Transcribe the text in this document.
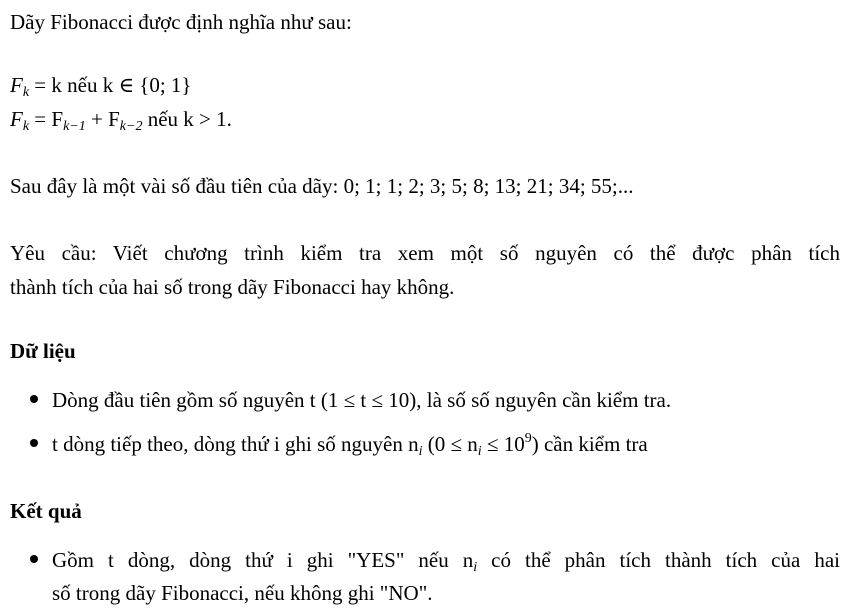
Dãy Fibonacci được định nghĩa như sau:
$F_k = k$ nếu k ∈ {0; 1}
$F_k = F_{k-1} + F_{k-2}$ nếu k > 1.
Sau đây là một vài số đầu tiên của dãy: 0; 1; 1; 2; 3; 5; 8; 13; 21; 34; 55;...
Yêu cầu: Viết chương trình kiểm tra xem một số nguyên có thể được phân tích
thành tích của hai số trong dãy Fibonacci hay không.
Dữ liệu
Dòng đầu tiên gồm số nguyên t (1 ≤ t ≤ 10), là số số nguyên cần kiểm tra.
t dòng tiếp theo, dòng thứ i ghi số nguyên $n_i$ $(0 \le n_i \le 10^9)$ cần kiểm tra
Kết quả
Gồm t dòng, dòng thứ i ghi "YES" nếu $n_i$ có thể phân tích thành tích của hai
số trong dãy Fibonacci, nếu không ghi "NO".
